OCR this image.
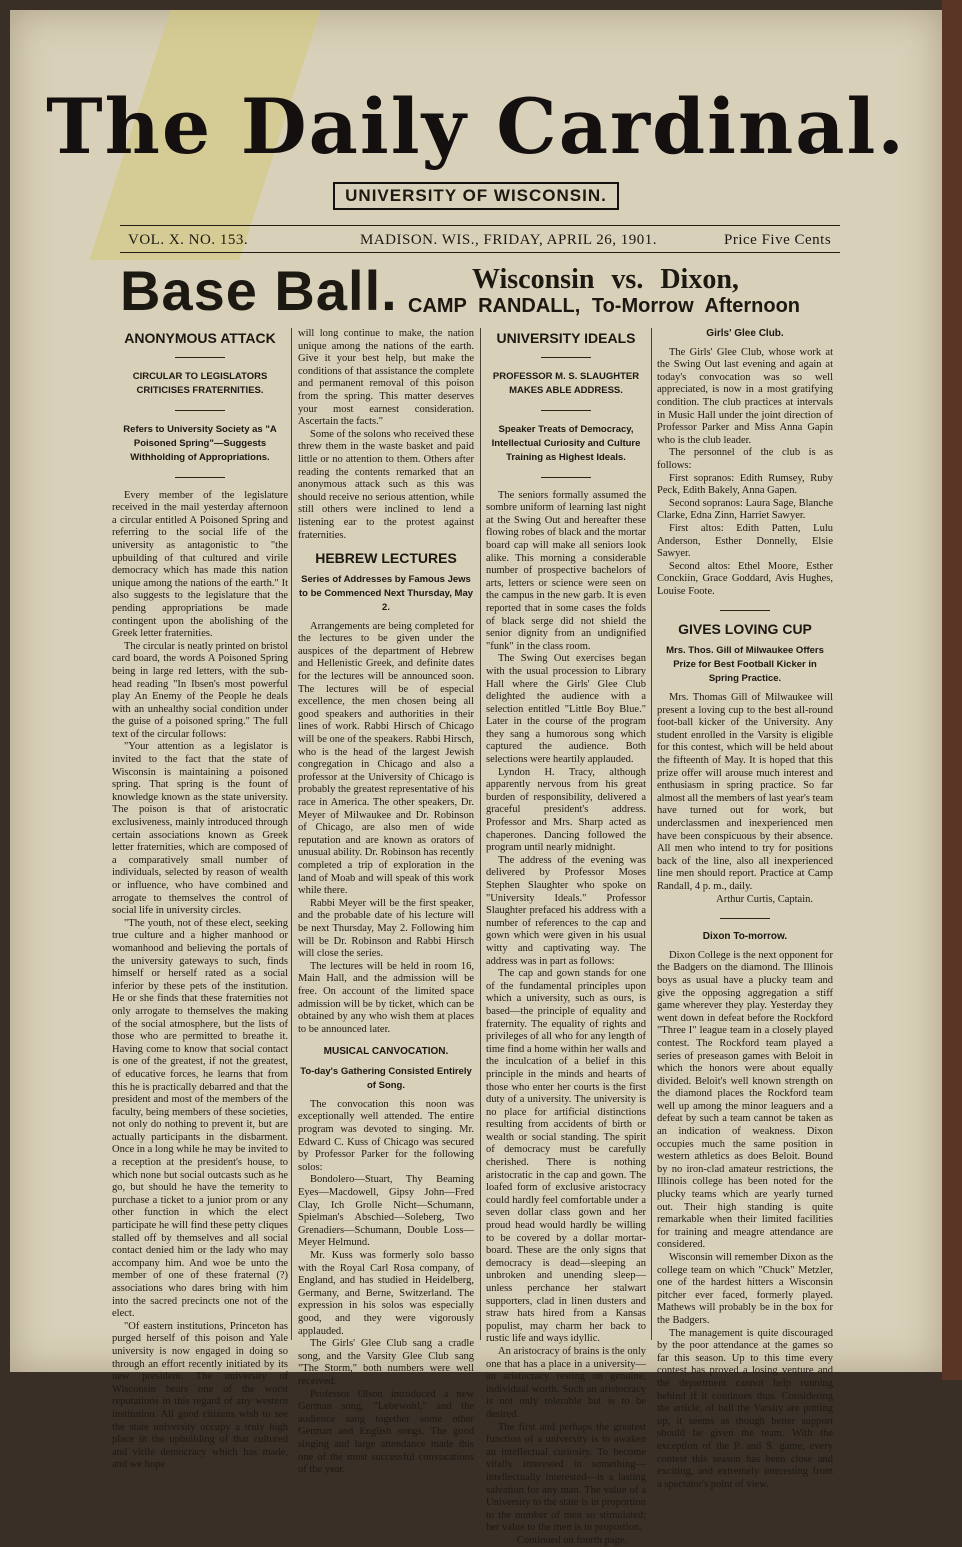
The Daily Cardinal.
UNIVERSITY OF WISCONSIN.
VOL. X. NO. 153.	MADISON. WIS., FRIDAY, APRIL 26, 1901.	Price Five Cents
Base Ball.	Wisconsin vs. Dixon,
CAMP RANDALL, To-Morrow Afternoon
ANONYMOUS ATTACK
CIRCULAR TO LEGISLATORS CRITICISES FRATERNITIES.
Refers to University Society as "A Poisoned Spring"—Suggests Withholding of Appropriations.

Every member of the legislature received in the mail yesterday afternoon a circular entitled A Poisoned Spring and referring to the social life of the university as antagonistic to "the upbuilding of that cultured and virile democracy which has made this nation unique among the nations of the earth." It also suggests to the legislature that the pending appropriations be made contingent upon the abolishing of the Greek letter fraternities.

The circular is neatly printed on bristol card board, the words A Poisoned Spring being in large red letters, with the sub-head reading "In Ibsen's most powerful play An Enemy of the People he deals with an unhealthy social condition under the guise of a poisoned spring." The full text of the circular follows:

"Your attention as a legislator is invited to the fact that the state of Wisconsin is maintaining a poisoned spring. That spring is the fount of knowledge known as the state university. The poison is that of aristocratic exclusiveness, mainly introduced through certain associations known as Greek letter fraternities, which are composed of a comparatively small number of individuals, selected by reason of wealth or influence, who have combined and arrogate to themselves the control of social life in university circles.

"The youth, not of these elect, seeking true culture and a higher manhood or womanhood and believing the portals of the university gateways to such, finds himself or herself rated as a social inferior by these pets of the institution. He or she finds that these fraternities not only arrogate to themselves the making of the social atmosphere, but the lists of those who are permitted to breathe it. Having come to know that social contact is one of the greatest, if not the greatest, of educative forces, he learns that from this he is practically debarred and that the president and most of the members of the faculty, being members of these societies, not only do nothing to prevent it, but are actually participants in the disbarment. Once in a long while he may be invited to a reception at the president's house, to which none but social outcasts such as he go, but should he have the temerity to purchase a ticket to a junior prom or any other function in which the elect participate he will find these petty cliques stalled off by themselves and all social contact denied him or the lady who may accompany him. And woe be unto the member of one of these fraternal (?) associations who dares bring with him into the sacred precincts one not of the elect.

"Of eastern institutions, Princeton has purged herself of this poison and Yale university is now engaged in doing so through an effort recently initiated by its new president. The university of Wisconsin bears one of the worst reputations in this regard of any western institution. All good citizens wish to see the state university occupy a truly high place in the upbuilding of that cultured and virile democracy which has made, and we hope

will long continue to make, the nation unique among the nations of the earth. Give it your best help, but make the conditions of that assistance the complete and permanent removal of this poison from the spring. This matter deserves your most earnest consideration. Ascertain the facts."

Some of the solons who received these threw them in the waste basket and paid little or no attention to them. Others after reading the contents remarked that an anonymous attack such as this was should receive no serious attention, while still others were inclined to lend a listening ear to the protest against fraternities.

HEBREW LECTURES
Series of Addresses by Famous Jews to be Commenced Next Thursday, May 2.

Arrangements are being completed for the lectures to be given under the auspices of the department of Hebrew and Hellenistic Greek, and definite dates for the lectures will be announced soon. The lectures will be of especial excellence, the men chosen being all good speakers and authorities in their lines of work. Rabbi Hirsch of Chicago will be one of the speakers. Rabbi Hirsch, who is the head of the largest Jewish congregation in Chicago and also a professor at the University of Chicago is probably the greatest representative of his race in America. The other speakers, Dr. Meyer of Milwaukee and Dr. Robinson of Chicago, are also men of wide reputation and are known as orators of unusual ability. Dr. Robinson has recently completed a trip of exploration in the land of Moab and will speak of this work while there.

Rabbi Meyer will be the first speaker, and the probable date of his lecture will be next Thursday, May 2. Following him will be Dr. Robinson and Rabbi Hirsch will close the series.

The lectures will be held in room 16, Main Hall, and the admission will be free. On account of the limited space admission will be by ticket, which can be obtained by any who wish them at places to be announced later.

MUSICAL CANVOCATION.
To-day's Gathering Consisted Entirely of Song.

The convocation this noon was exceptionally well attended. The entire program was devoted to singing. Mr. Edward C. Kuss of Chicago was secured by Professor Parker for the following solos:

Bondolero—Stuart, Thy Beaming Eyes—Macdowell, Gipsy John—Fred Clay, Ich Grolle Nicht—Schumann, Spielman's Abschied—Soleberg, Two Grenadiers—Schumann, Double Loss—Meyer Helmund.

Mr. Kuss was formerly solo basso with the Royal Carl Rosa company, of England, and has studied in Heidelberg, Germany, and Berne, Switzerland. The expression in his solos was especially good, and they were vigorously applauded.

The Girls' Glee Club sang a cradle song, and the Varsity Glee Club sang "The Storm," both numbers were well received.

Professor Olson introduced a new German song, "Lebewohl," and the audience sang together some other German and English songs. The good singing and large attendance made this one of the most successful convocations of the year.

UNIVERSITY IDEALS
PROFESSOR M. S. SLAUGHTER MAKES ABLE ADDRESS.
Speaker Treats of Democracy, Intellectual Curiosity and Culture Training as Highest Ideals.

The seniors formally assumed the sombre uniform of learning last night at the Swing Out and hereafter these flowing robes of black and the mortar board cap will make all seniors look alike. This morning a considerable number of prospective bachelors of arts, letters or science were seen on the campus in the new garb. It is even reported that in some cases the folds of black serge did not shield the senior dignity from an undignified "funk" in the class room.

The Swing Out exercises began with the usual procession to Library Hall where the Girls' Glee Club delighted the audience with a selection entitled "Little Boy Blue." Later in the course of the program they sang a humorous song which captured the audience. Both selections were heartily applauded.

Lyndon H. Tracy, although apparently nervous from his great burden of responsibility, delivered a graceful president's address. Professor and Mrs. Sharp acted as chaperones. Dancing followed the program until nearly midnight.

The address of the evening was delivered by Professor Moses Stephen Slaughter who spoke on "University Ideals." Professor Slaughter prefaced his address with a number of references to the cap and gown which were given in his usual witty and captivating way. The address was in part as follows:

The cap and gown stands for one of the fundamental principles upon which a university, such as ours, is based—the principle of equality and fraternity. The equality of rights and privileges of all who for any length of time find a home within her walls and the inculcation of a belief in this principle in the minds and hearts of those who enter her courts is the first duty of a university. The university is no place for artificial distinctions resulting from accidents of birth or wealth or social standing. The spirit of democracy must be carefully cherished. There is nothing aristocratic in the cap and gown. The loafed form of exclusive aristocracy could hardly feel comfortable under a seven dollar class gown and her proud head would hardly be willing to be covered by a dollar mortar-board. These are the only signs that democracy is dead—sleeping an unbroken and unending sleep—unless perchance her stalwart supporters, clad in linen dusters and straw hats hired from a Kansas populist, may charm her back to rustic life and ways idyllic.

An aristocracy of brains is the only one that has a place in a university—an aristocracy resting on genuine, individual worth. Such an aristocracy is not only tolerable but is to be desired.

The first and perhaps the greatest function of a university is to awaken an intellectual curiosity. To become vitally interested in something—intellectually interested—is a lasting salvation for any man. The value of a University to the state is in proportion to the number of men so stimulated; her value to the men is in proportion.

Continued on fourth page.

Girls' Glee Club.

The Girls' Glee Club, whose work at the Swing Out last evening and again at today's convocation was so well appreciated, is now in a most gratifying condition. The club practices at intervals in Music Hall under the joint direction of Professor Parker and Miss Anna Gapin who is the club leader.

The personnel of the club is as follows:

First sopranos: Edith Rumsey, Ruby Peck, Edith Bakely, Anna Gapen.

Second sopranos: Laura Sage, Blanche Clarke, Edna Zinn, Harriet Sawyer.

First altos: Edith Patten, Lulu Anderson, Esther Donnelly, Elsie Sawyer.

Second altos: Ethel Moore, Esther Conckiin, Grace Goddard, Avis Hughes, Louise Foote.

GIVES LOVING CUP
Mrs. Thos. Gill of Milwaukee Offers Prize for Best Football Kicker in Spring Practice.

Mrs. Thomas Gill of Milwaukee will present a loving cup to the best all-round foot-ball kicker of the University. Any student enrolled in the Varsity is eligible for this contest, which will be held about the fifteenth of May. It is hoped that this prize offer will arouse much interest and enthusiasm in spring practice. So far almost all the members of last year's team have turned out for work, but underclassmen and inexperienced men have been conspicuous by their absence. All men who intend to try for positions back of the line, also all inexperienced line men should report. Practice at Camp Randall, 4 p. m., daily.

Arthur Curtis, Captain.

Dixon To-morrow.

Dixon College is the next opponent for the Badgers on the diamond. The Illinois boys as usual have a plucky team and give the opposing aggregation a stiff game wherever they play. Yesterday they went down in defeat before the Rockford "Three I" league team in a closely played contest. The Rockford team played a series of preseason games with Beloit in which the honors were about equally divided. Beloit's well known strength on the diamond places the Rockford team well up among the minor leaguers and a defeat by such a team cannot be taken as an indication of weakness. Dixon occupies much the same position in western athletics as does Beloit. Bound by no iron-clad amateur restrictions, the Illinois college has been noted for the plucky teams which are yearly turned out. Their high standing is quite remarkable when their limited facilities for training and meagre attendance are considered.

Wisconsin will remember Dixon as the college team on which "Chuck" Metzler, one of the hardest hitters a Wisconsin pitcher ever faced, formerly played. Mathews will probably be in the box for the Badgers.

The management is quite discouraged by the poor attendance at the games so far this season. Up to this time every contest has proved a losing venture and the department cannot help running behind if it continues thus. Considering the article, of ball the Varsity are putting up, it seems as though better support should be given the team. With the exception of the P. and S. game, every contest this season has been close and exciting, and extremely interesting from a spectator's point of view.
